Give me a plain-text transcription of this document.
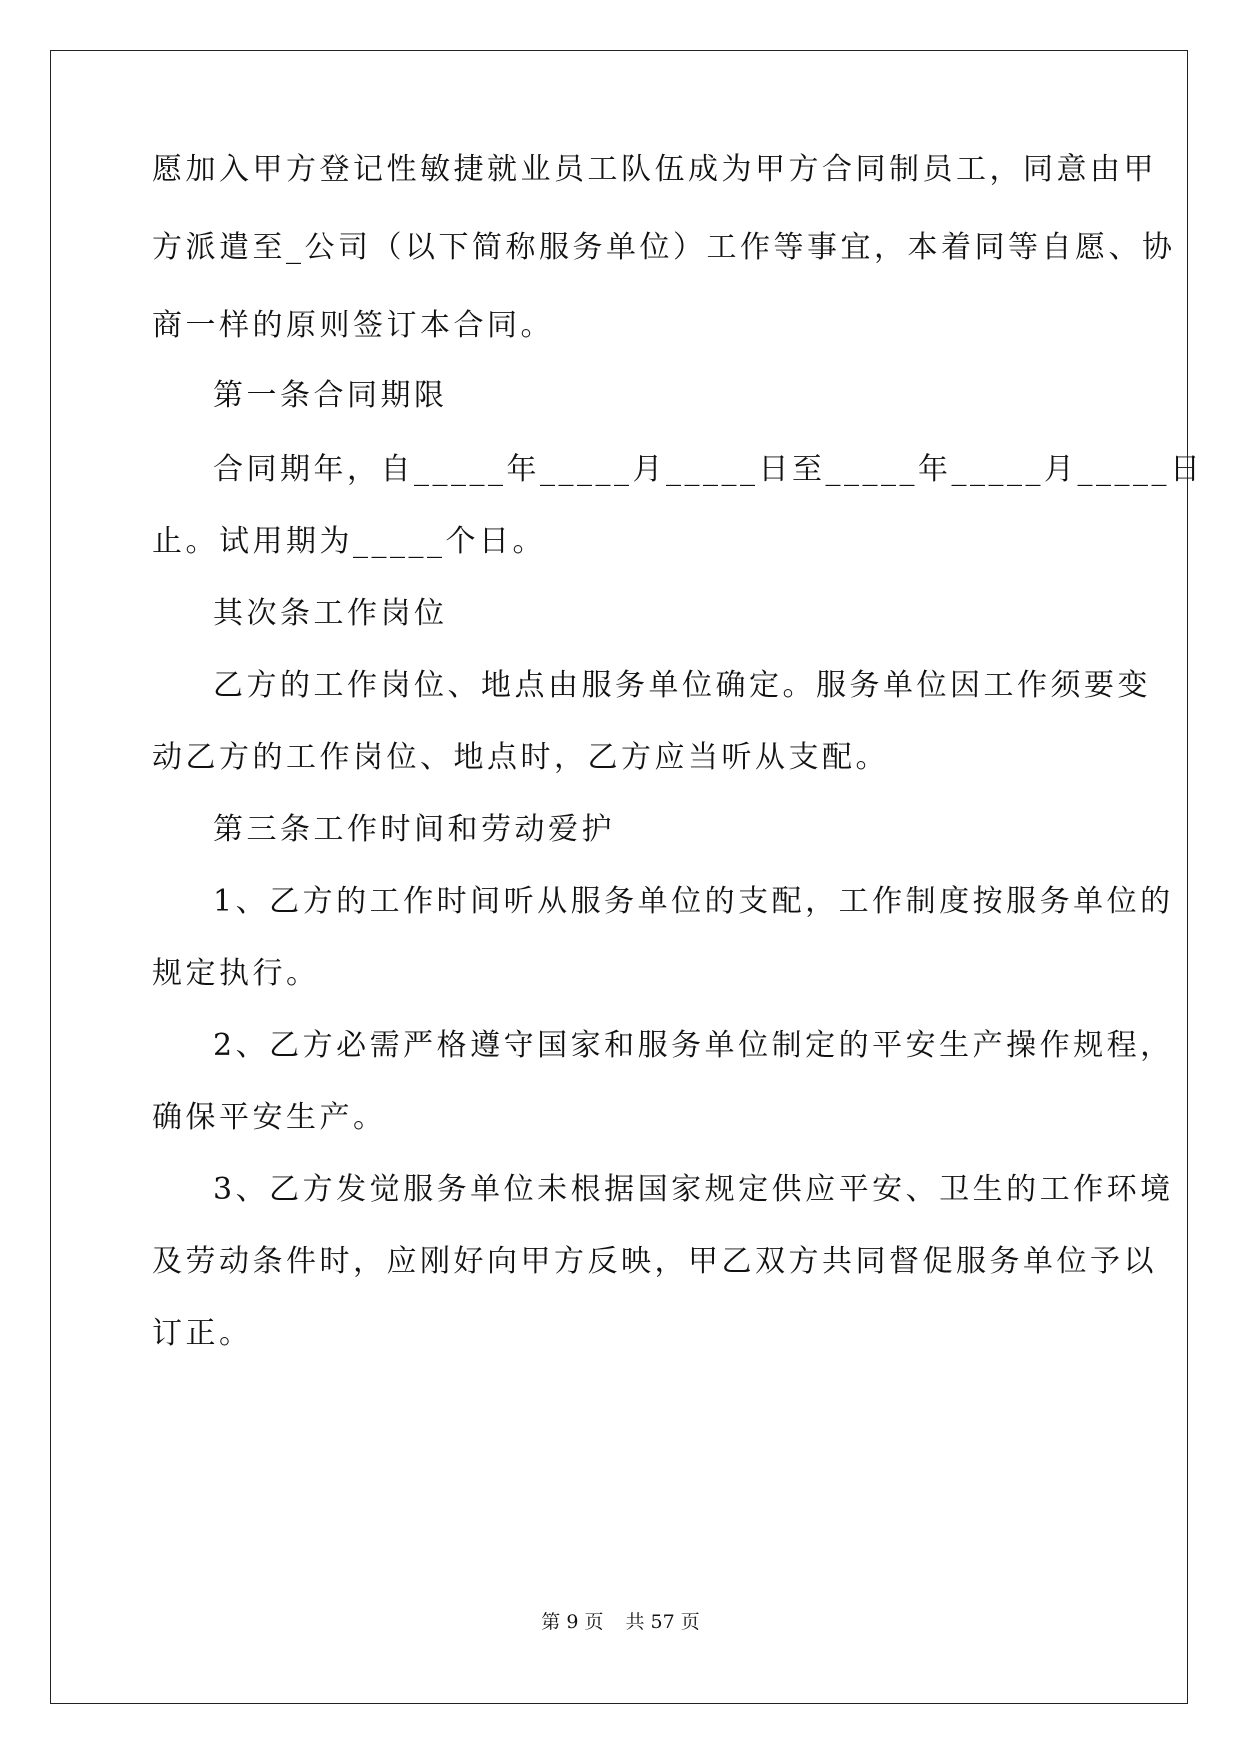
愿加入甲方登记性敏捷就业员工队伍成为甲方合同制员工，同意由甲
方派遣至_公司（以下简称服务单位）工作等事宜，本着同等自愿、协
商一样的原则签订本合同。
第一条合同期限
合同期年，自_____年_____月_____日至_____年_____月_____日
止。试用期为_____个日。
其次条工作岗位
乙方的工作岗位、地点由服务单位确定。服务单位因工作须要变
动乙方的工作岗位、地点时，乙方应当听从支配。
第三条工作时间和劳动爱护
1、乙方的工作时间听从服务单位的支配，工作制度按服务单位的
规定执行。
2、乙方必需严格遵守国家和服务单位制定的平安生产操作规程，
确保平安生产。
3、乙方发觉服务单位未根据国家规定供应平安、卫生的工作环境
及劳动条件时，应刚好向甲方反映，甲乙双方共同督促服务单位予以
订正。
第 9 页 共 57 页
